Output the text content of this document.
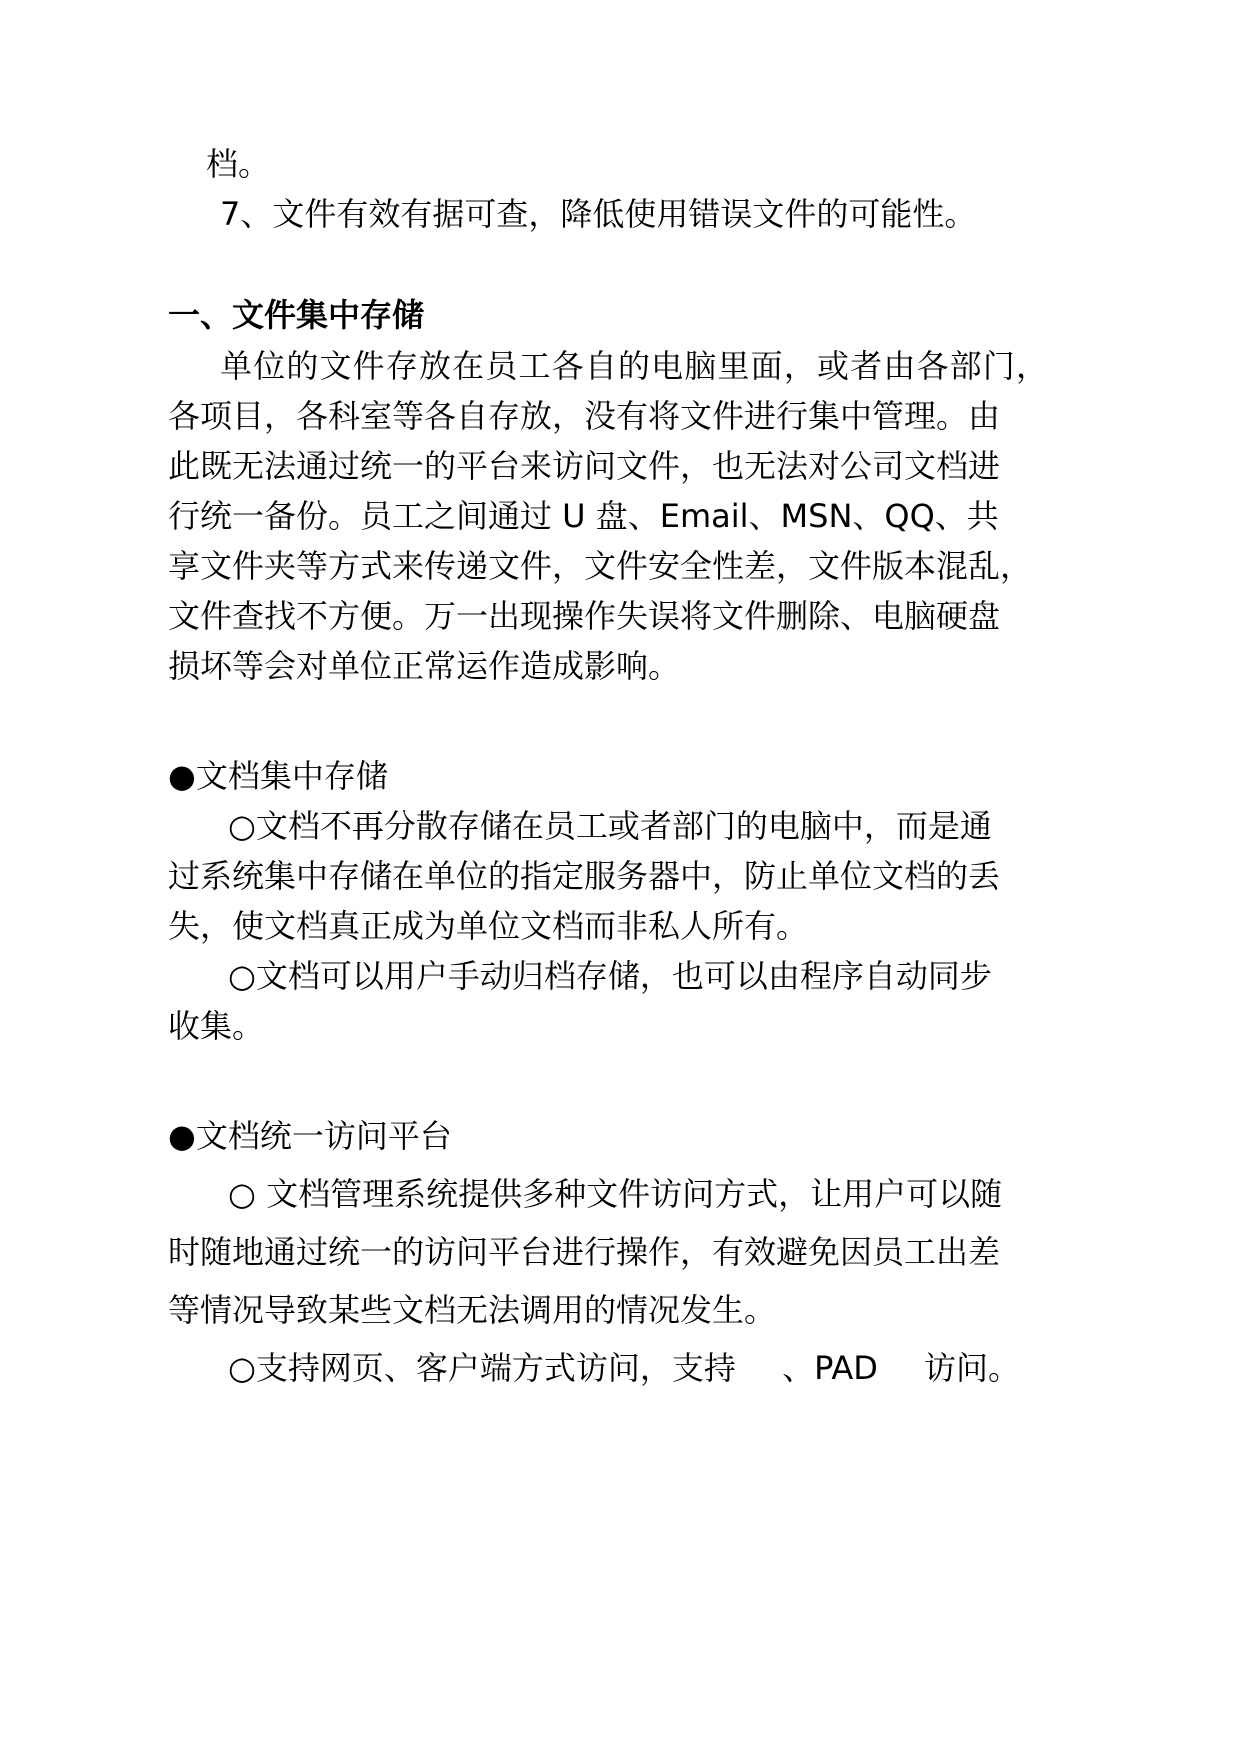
档。
7、文件有效有据可查，降低使用错误文件的可能性。
一、文件集中存储
单位的文件存放在员工各自的电脑里面，或者由各部门，
各项目，各科室等各自存放，没有将文件进行集中管理。由
此既无法通过统一的平台来访问文件，也无法对公司文档进
行统一备份。员工之间通过 U 盘、Email、MSN、QQ、共
享文件夹等方式来传递文件，文件安全性差，文件版本混乱，
文件查找不方便。万一出现操作失误将文件删除、电脑硬盘
损坏等会对单位正常运作造成影响。
●文档集中存储
○文档不再分散存储在员工或者部门的电脑中，而是通
过系统集中存储在单位的指定服务器中，防止单位文档的丢
失，使文档真正成为单位文档而非私人所有。
○文档可以用户手动归档存储，也可以由程序自动同步
收集。
●文档统一访问平台
○ 文档管理系统提供多种文件访问方式，让用户可以随
时随地通过统一的访问平台进行操作，有效避免因员工出差
等情况导致某些文档无法调用的情况发生。
○支持网页、客户端方式访问，支持 、PAD 访问。
